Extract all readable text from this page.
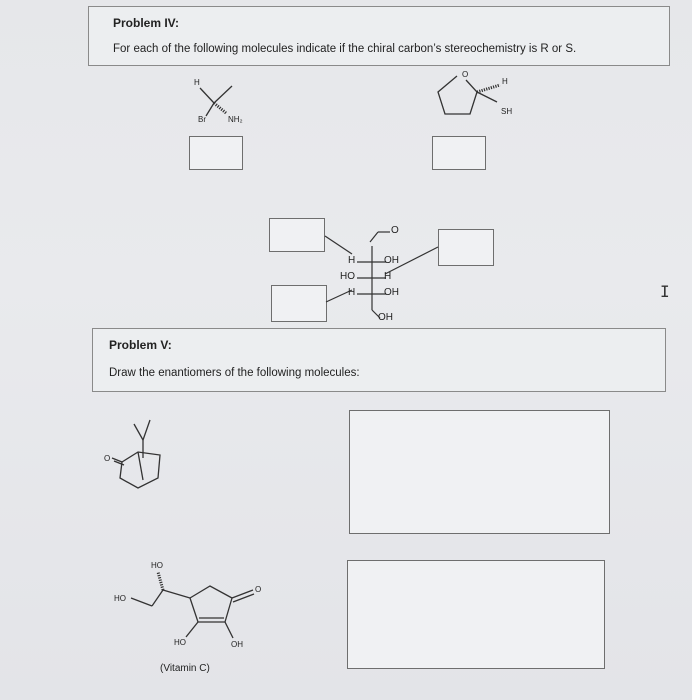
Problem IV:
For each of the following molecules indicate if the chiral carbon’s stereochemistry is R or S.
Problem V:
Draw the enantiomers of the following molecules:
H
Br	NH₂
O
H
SH
O
H	OH
HO	H
H	OH
OH
O
HO
HO
O
HO	OH
(Vitamin C)
I
